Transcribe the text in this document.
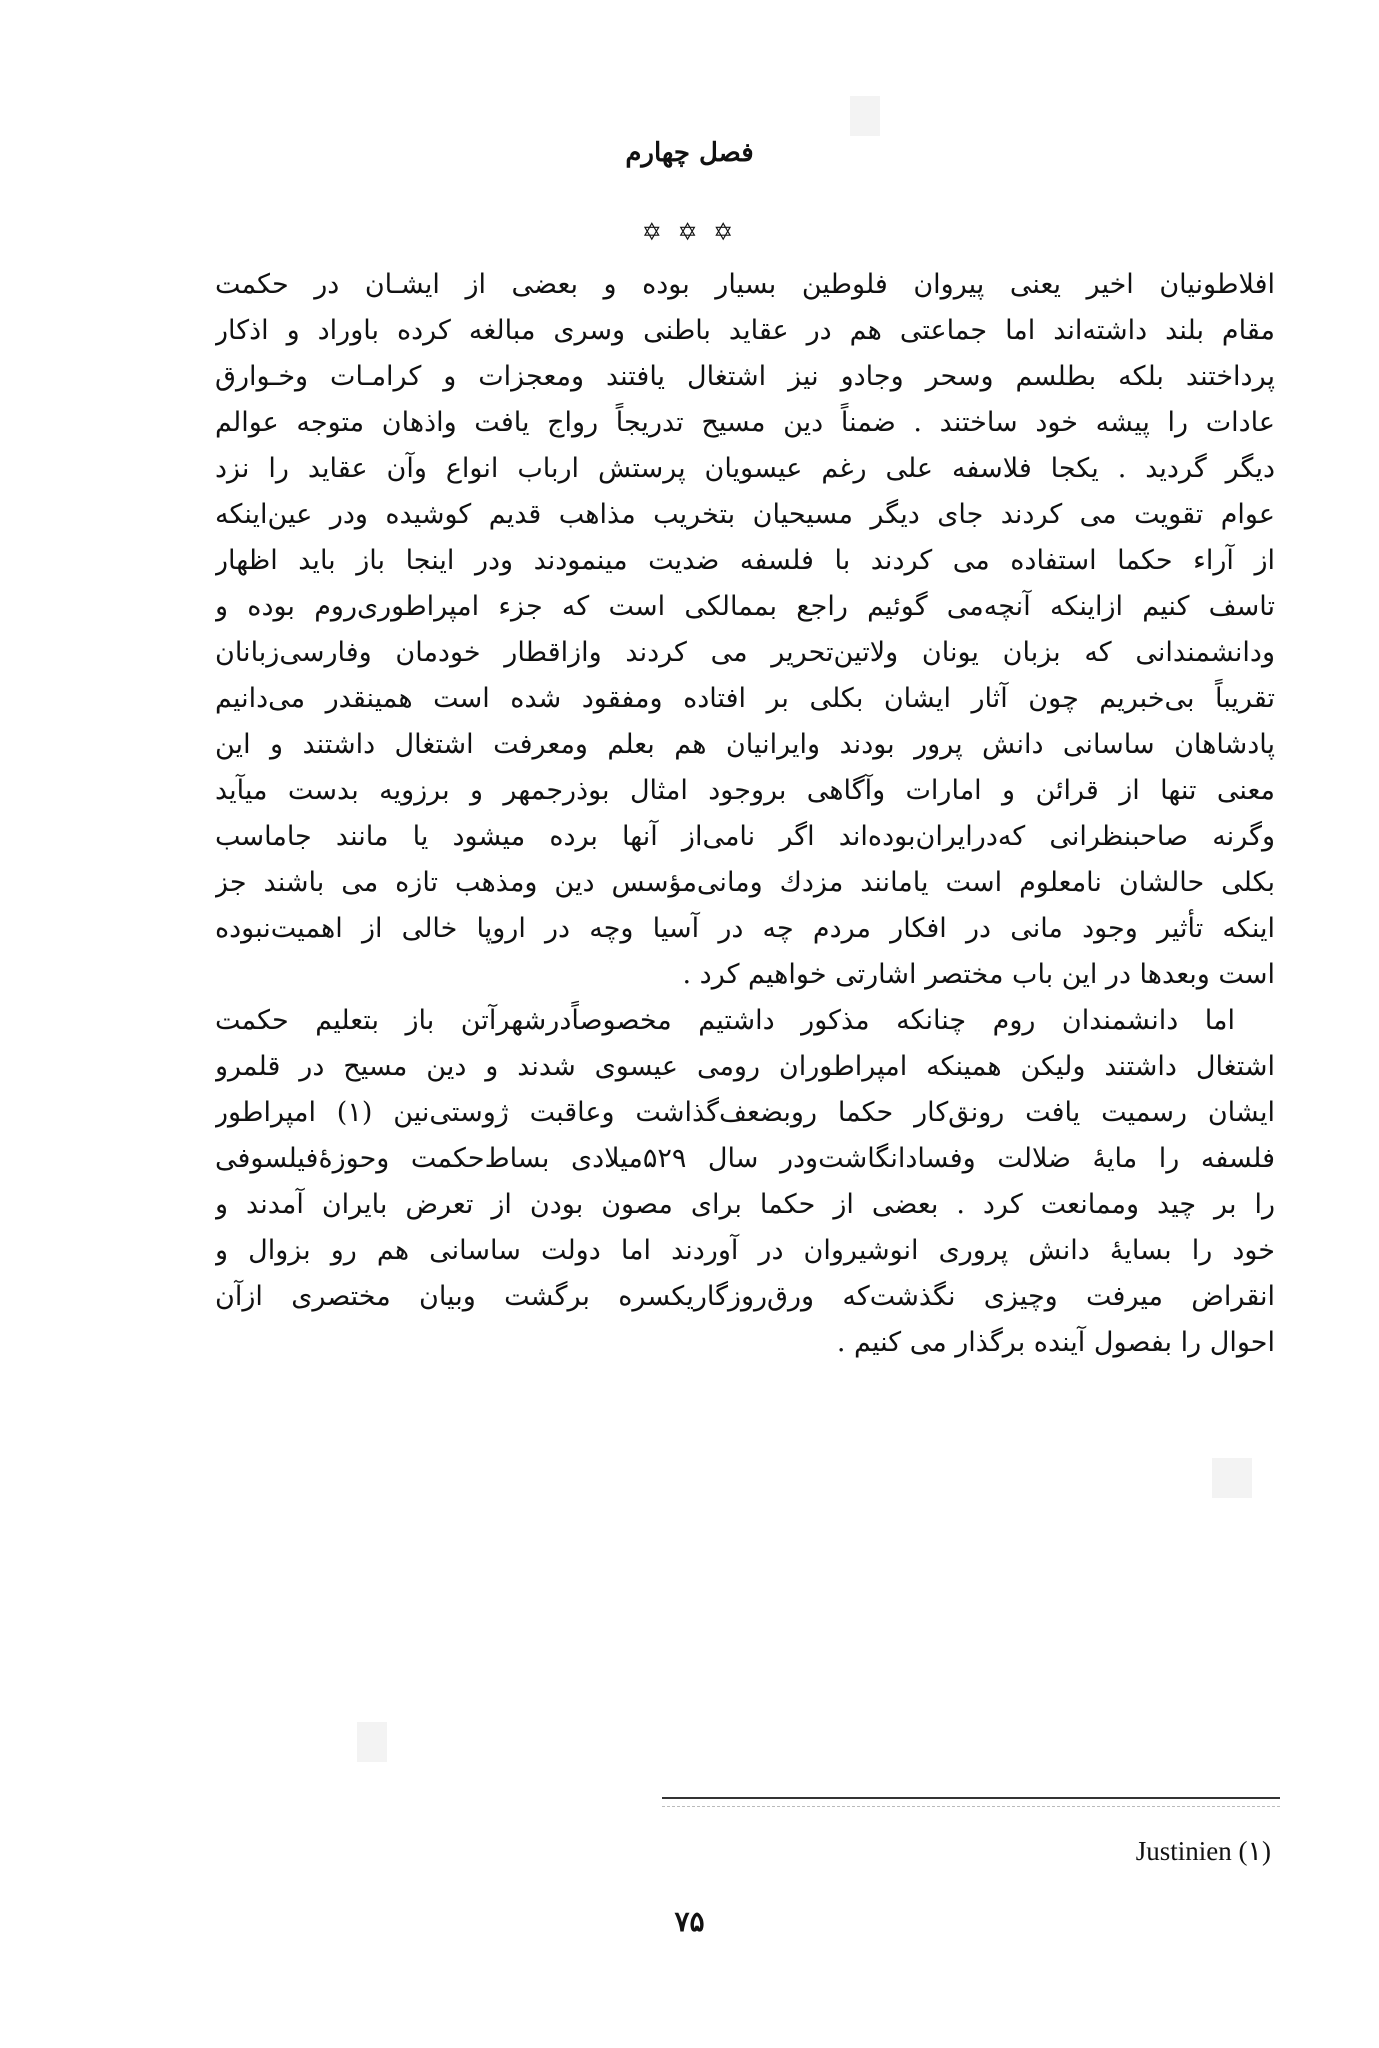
فصل چهارم
✡ ✡ ✡
افلاطونیان اخیر یعنی پیروان فلوطین بسیار بوده و بعضی از ایشـان در حکمت
مقام بلند داشته‌اند اما جماعتی هم در عقاید باطنی وسری مبالغه کرده باوراد و اذکار
پرداختند بلکه بطلسم وسحر وجادو نیز اشتغال یافتند ومعجزات و کرامـات وخـوارق
عادات را پیشه خود ساختند . ضمناً دین مسیح تدریجاً رواج یافت واذهان متوجه عوالم
دیگر گردید . یکجا فلاسفه علی رغم عیسویان پرستش ارباب انواع وآن عقاید را نزد
عوام تقویت می کردند جای دیگر مسیحیان بتخریب مذاهب قدیم کوشیده ودر عین‌اینکه
از آراء حکما استفاده می کردند با فلسفه ضدیت مینمودند ودر اینجا باز باید اظهار
تاسف کنیم ازاینکه آنچه‌می گوئیم راجع بممالکی است که جزء امپراطوری‌روم بوده و
ودانشمندانی که بزبان یونان ولاتین‌تحریر می کردند وازاقطار خودمان وفارسی‌زبانان
تقریباً بی‌خبریم چون آثار ایشان بکلی بر افتاده ومفقود شده است همینقدر می‌دانیم
پادشاهان ساسانی دانش پرور بودند وایرانیان هم بعلم ومعرفت اشتغال داشتند و این
معنی تنها از قرائن و امارات وآگاهی بروجود امثال بوذرجمهر و برزویه بدست میآید
وگرنه صاحبنظرانی که‌درایران‌بوده‌اند اگر نامی‌از آنها برده میشود یا مانند جاماسب
بکلی حالشان نامعلوم است یامانند مزدك ومانی‌مؤسس دین ومذهب تازه می باشند جز
اینکه تأثیر وجود مانی در افکار مردم چه در آسیا وچه در اروپا خالی از اهمیت‌نبوده
است وبعدها در این باب مختصر اشارتی خواهیم کرد .
اما دانشمندان روم چنانکه مذکور داشتیم مخصوصاًدرشهرآتن باز بتعلیم حکمت
اشتغال داشتند ولیکن همینکه امپراطوران رومی عیسوی شدند و دین مسیح در قلمرو
ایشان رسمیت یافت رونق‌کار حکما روبضعف‌گذاشت وعاقبت ژوستی‌نین (۱) امپراطور
فلسفه را مایهٔ ضلالت وفسادانگاشت‌ودر سال ۵۲۹میلادی بساط‌حکمت وحوزهٔ‌فیلسوفی
را بر چید وممانعت کرد . بعضی از حکما برای مصون بودن از تعرض بایران آمدند و
خود را بسایهٔ دانش پروری انوشیروان در آوردند اما دولت ساسانی هم رو بزوال و
انقراض میرفت وچیزی نگذشت‌که ورق‌روزگار‌یکسره برگشت وبیان مختصری ازآن
احوال را بفصول آینده برگذار می کنیم .
Justinien (۱)
۷۵
